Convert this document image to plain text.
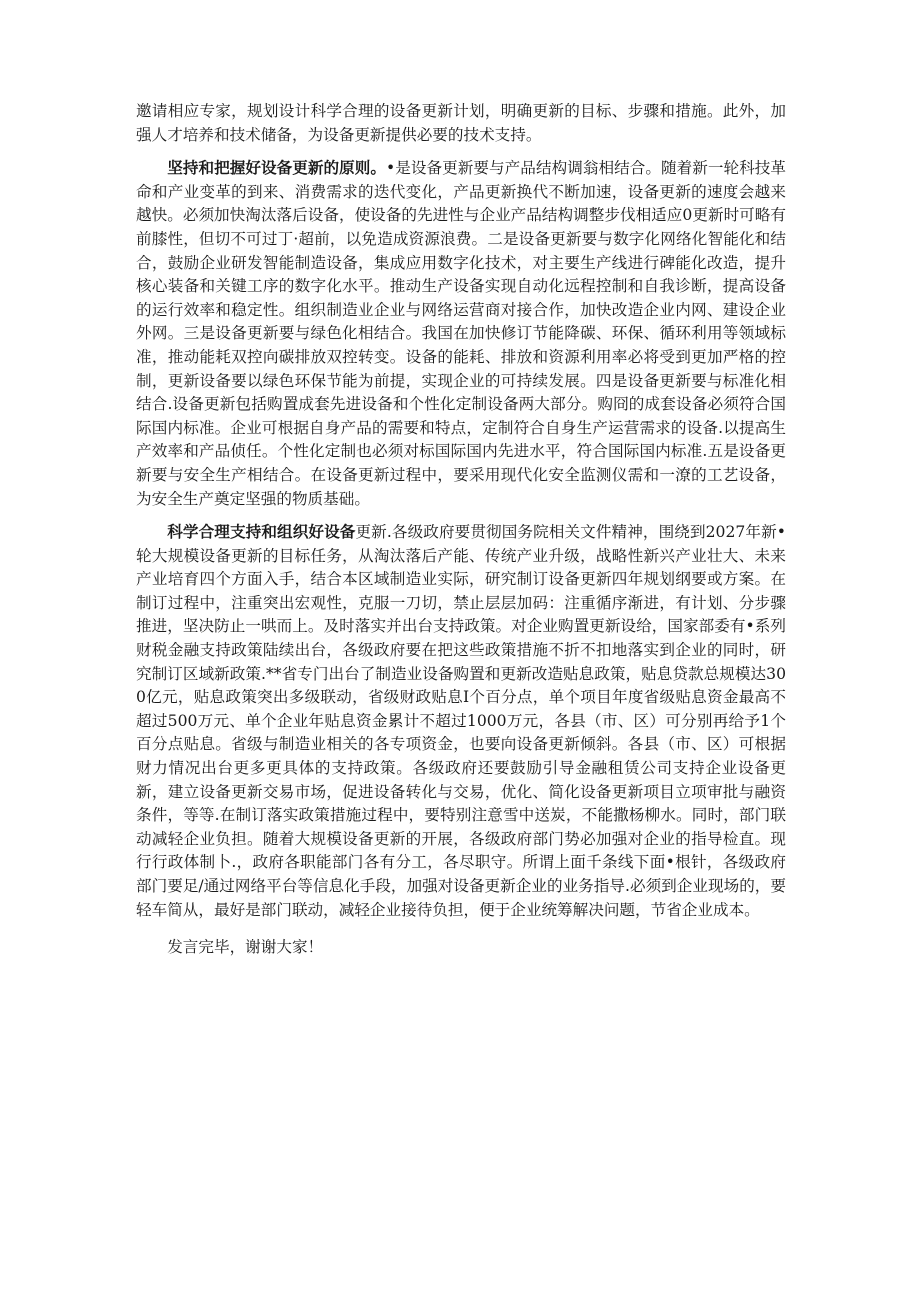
邀请相应专家，规划设计科学合理的设备更新计划，明确更新的目标、步骤和措施。此外，加强人才培养和技术储备，为设备更新提供必要的技术支持。

坚持和把握好设备更新的原则。•是设备更新要与产品结构调翁相结合。随着新一轮科技革命和产业变革的到来、消费需求的迭代变化，产品更新换代不断加速，设备更新的速度会越来越快。必须加快淘汰落后设备，使设备的先进性与企业产品结构调整步伐相适应0更新时可略有前膝性，但切不可过丁·超前，以免造成资源浪费。二是设备更新要与数字化网络化智能化和结合，鼓励企业研发智能制造设备，集成应用数字化技术，对主要生产线进行碑能化改造，提升核心装备和关键工序的数字化水平。推动生产设备实现自动化远程控制和自我诊断，提高设备的运行效率和稳定性。组织制造业企业与网络运营商对接合作，加快改造企业内网、建设企业外网。三是设备更新要与绿色化相结合。我国在加快修订节能降碳、环保、循环利用等领域标准，推动能耗双控向碳排放双控转变。设备的能耗、排放和资源利用率必将受到更加严格的控制，更新设备要以绿色环保节能为前提，实现企业的可持续发展。四是设备更新要与标准化相结合.设备更新包括购置成套先进设备和个性化定制设备两大部分。购冏的成套设备必须符合国际国内标准。企业可根据自身产品的需要和特点，定制符合自身生产运营需求的设备.以提高生产效率和产品侦任。个性化定制也必须对标国际国内先进水平，符合国际国内标准.五是设备更新要与安全生产相结合。在设备更新过程中，要采用现代化安全监测仪需和一潦的工艺设备，为安全生产奠定坚强的物质基础。

科学合理支持和组织好设备更新.各级政府要贯彻国务院相关文件精神，围绕到2027年新•轮大规模设备更新的目标任务，从淘汰落后产能、传统产业升级，战略性新兴产业壮大、未来产业培育四个方面入手，结合本区域制造业实际，研究制订设备更新四年规划纲要或方案。在制订过程中，注重突出宏观性，克服一刀切，禁止层层加码：注重循序渐进，有计划、分步骤推进，坚决防止一哄而上。及时落实并出台支持政策。对企业购置更新设给，国家部委有•系列财税金融支持政策陆续出台，各级政府要在把这些政策措施不折不扣地落实到企业的同时，研究制订区域新政策.**省专门出台了制造业设备购置和更新改造贴息政策，贴息贷款总规模达300亿元，贴息政策突出多级联动，省级财政贴息I个百分点，单个项目年度省级贴息资金最高不超过500万元、单个企业年贴息资金累计不超过1000万元，各县（市、区）可分别再给予1个百分点贴息。省级与制造业相关的各专项资金，也要向设备更新倾斜。各县（市、区）可根据财力情况出台更多更具体的支持政策。各级政府还要鼓励引导金融租赁公司支持企业设备更新，建立设备更新交易市场，促进设备转化与交易，优化、简化设备更新项目立项审批与融资条件，等等.在制订落实政策措施过程中，要特别注意雪中送炭，不能撒杨柳水。同时，部门联动减轻企业负担。随着大规模设备更新的开展，各级政府部门势必加强对企业的指导检直。现行行政体制卜.，政府各职能部门各有分工，各尽职守。所谓上面千条线下面•根针，各级政府部门要足/通过网络平台等信息化手段，加强对设备更新企业的业务指导.必须到企业现场的，要轻车简从，最好是部门联动，减轻企业接待负担，便于企业统筹解决问题，节省企业成本。

发言完毕，谢谢大家！
